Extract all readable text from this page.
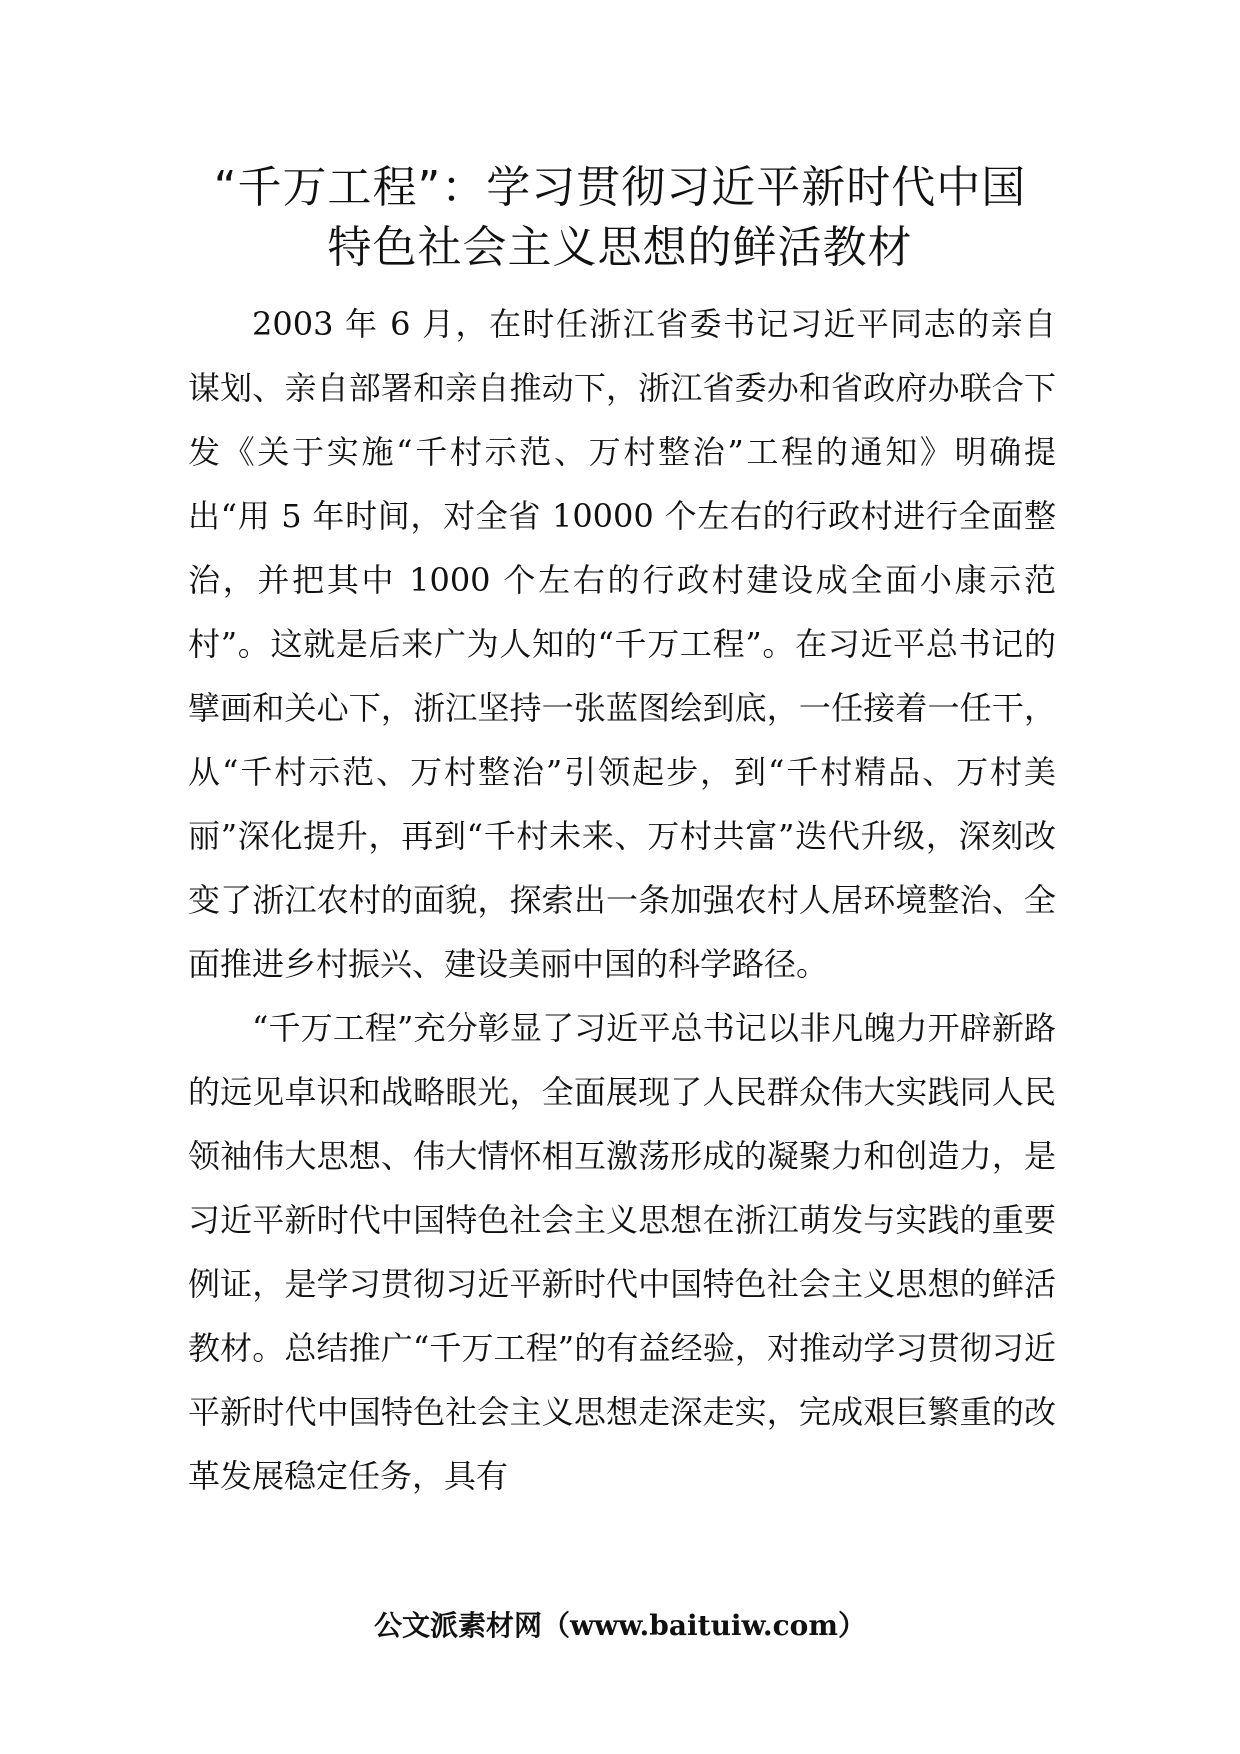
“千万工程”：学习贯彻习近平新时代中国
特色社会主义思想的鲜活教材

2003 年 6 月，在时任浙江省委书记习近平同志的亲自谋划、亲自部署和亲自推动下，浙江省委办和省政府办联合下发《关于实施“千村示范、万村整治”工程的通知》明确提出“用 5 年时间，对全省 10000 个左右的行政村进行全面整治，并把其中 1000 个左右的行政村建设成全面小康示范村”。这就是后来广为人知的“千万工程”。在习近平总书记的擘画和关心下，浙江坚持一张蓝图绘到底，一任接着一任干，从“千村示范、万村整治”引领起步，到“千村精品、万村美丽”深化提升，再到“千村未来、万村共富”迭代升级，深刻改变了浙江农村的面貌，探索出一条加强农村人居环境整治、全面推进乡村振兴、建设美丽中国的科学路径。

“千万工程”充分彰显了习近平总书记以非凡魄力开辟新路的远见卓识和战略眼光，全面展现了人民群众伟大实践同人民领袖伟大思想、伟大情怀相互激荡形成的凝聚力和创造力，是习近平新时代中国特色社会主义思想在浙江萌发与实践的重要例证，是学习贯彻习近平新时代中国特色社会主义思想的鲜活教材。总结推广“千万工程”的有益经验，对推动学习贯彻习近平新时代中国特色社会主义思想走深走实，完成艰巨繁重的改革发展稳定任务，具有

公文派素材网（www.baituiw.com）
